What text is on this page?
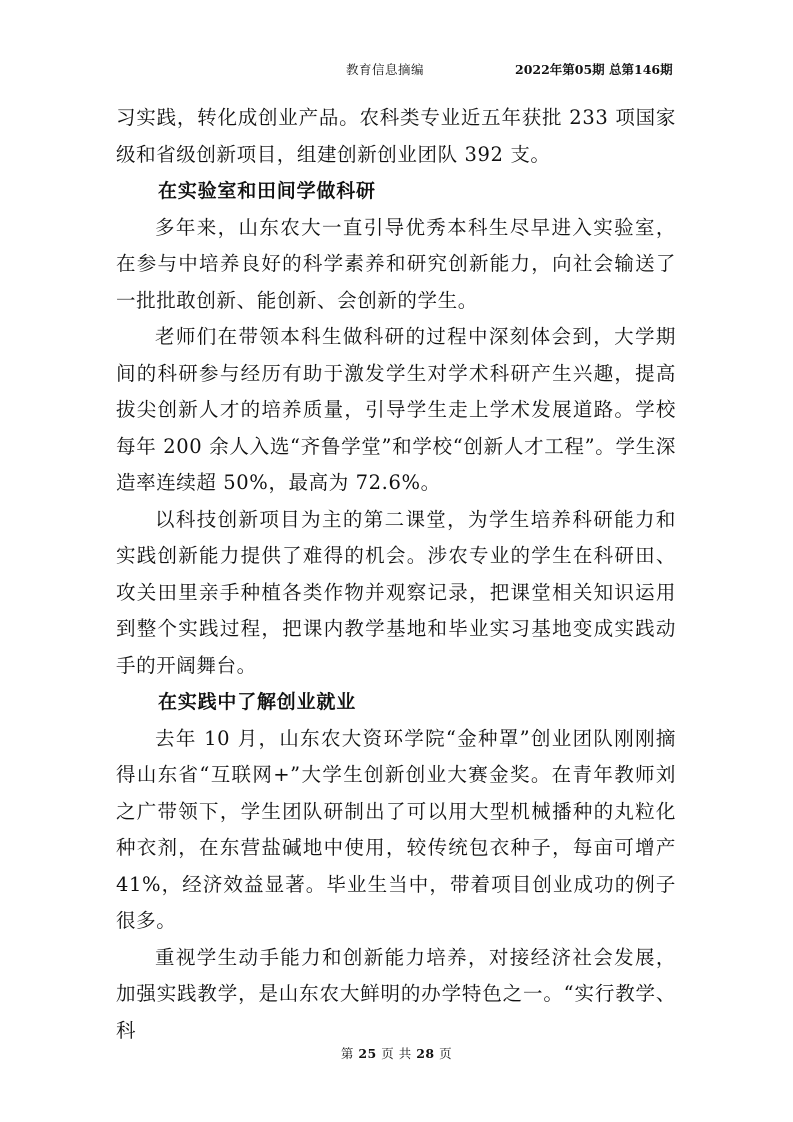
教育信息摘编	2022年第05期 总第146期

习实践，转化成创业产品。农科类专业近五年获批 233 项国家级和省级创新项目，组建创新创业团队 392 支。

在实验室和田间学做科研

多年来，山东农大一直引导优秀本科生尽早进入实验室，在参与中培养良好的科学素养和研究创新能力，向社会输送了一批批敢创新、能创新、会创新的学生。

老师们在带领本科生做科研的过程中深刻体会到，大学期间的科研参与经历有助于激发学生对学术科研产生兴趣，提高拔尖创新人才的培养质量，引导学生走上学术发展道路。学校每年 200 余人入选“齐鲁学堂”和学校“创新人才工程”。学生深造率连续超 50%，最高为 72.6%。

以科技创新项目为主的第二课堂，为学生培养科研能力和实践创新能力提供了难得的机会。涉农专业的学生在科研田、攻关田里亲手种植各类作物并观察记录，把课堂相关知识运用到整个实践过程，把课内教学基地和毕业实习基地变成实践动手的开阔舞台。

在实践中了解创业就业

去年 10 月，山东农大资环学院“金种罩”创业团队刚刚摘得山东省“互联网+”大学生创新创业大赛金奖。在青年教师刘之广带领下，学生团队研制出了可以用大型机械播种的丸粒化种衣剂，在东营盐碱地中使用，较传统包衣种子，每亩可增产 41%，经济效益显著。毕业生当中，带着项目创业成功的例子很多。

重视学生动手能力和创新能力培养，对接经济社会发展，加强实践教学，是山东农大鲜明的办学特色之一。“实行教学、科

第 25 页 共 28 页
